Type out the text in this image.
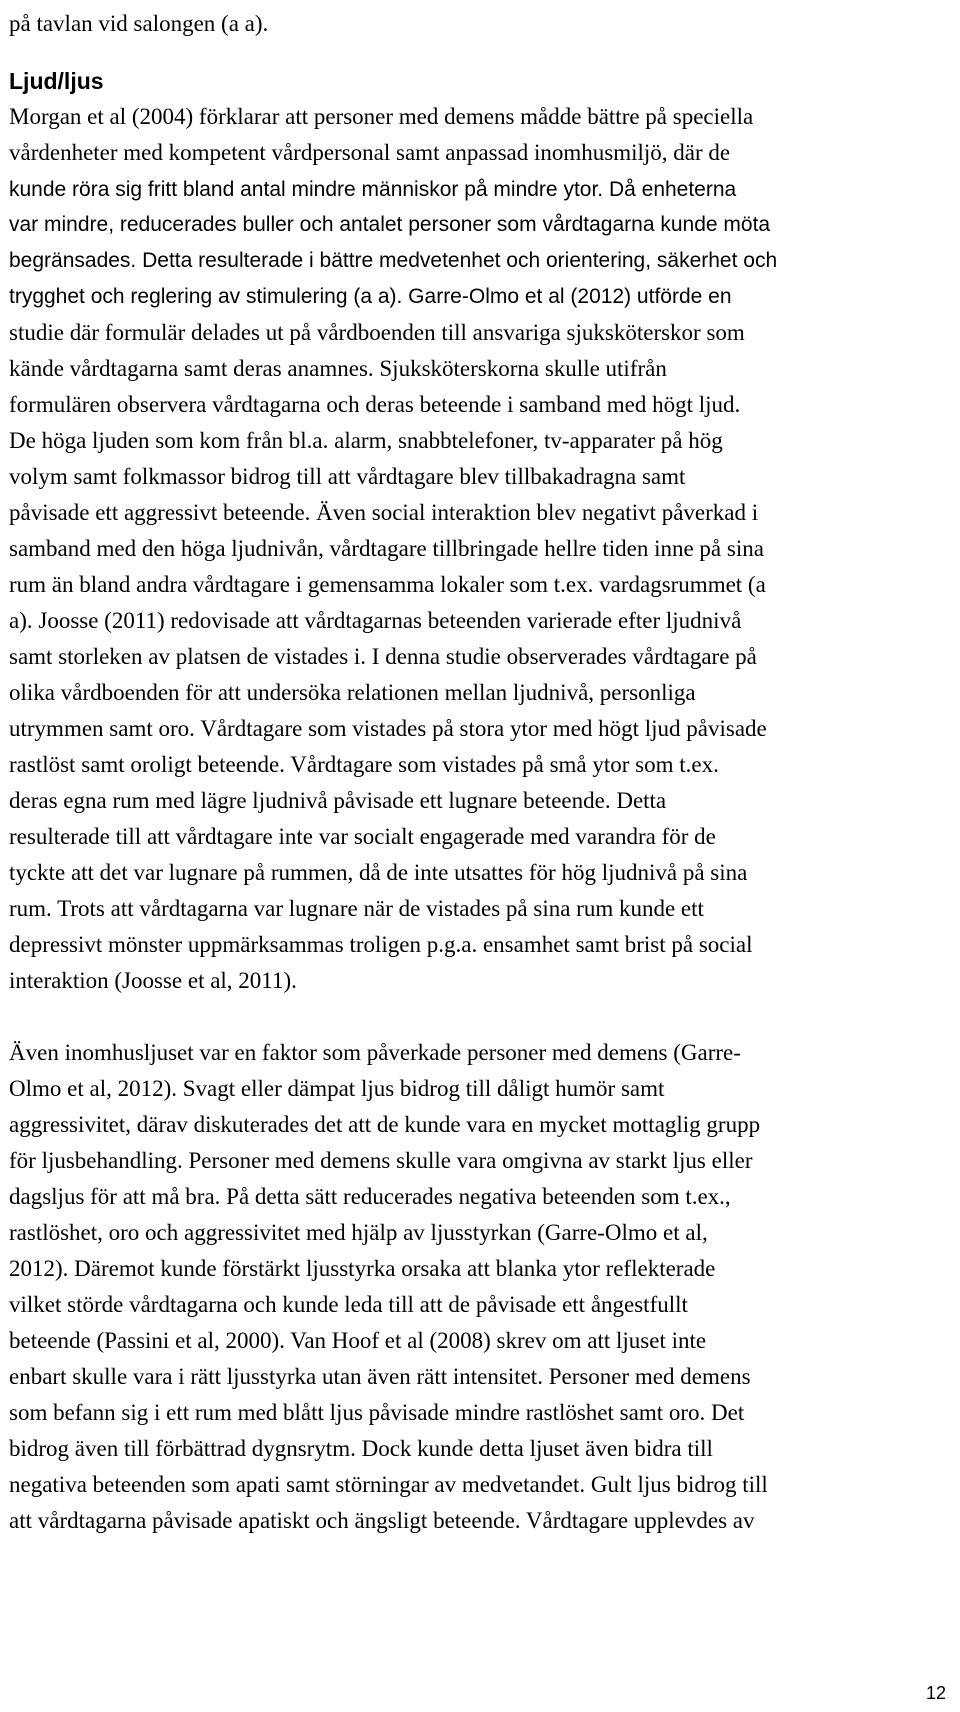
på tavlan vid salongen (a a).
Ljud/ljus
Morgan et al (2004) förklarar att personer med demens mådde bättre på speciella
vårdenheter med kompetent vårdpersonal samt anpassad inomhusmiljö, där de
kunde röra sig fritt bland antal mindre människor på mindre ytor. Då enheterna
var mindre, reducerades buller och antalet personer som vårdtagarna kunde möta
begränsades. Detta resulterade i bättre medvetenhet och orientering, säkerhet och
trygghet och reglering av stimulering (a a). Garre-Olmo et al (2012) utförde en
studie där formulär delades ut på vårdboenden till ansvariga sjuksköterskor som
kände vårdtagarna samt deras anamnes. Sjuksköterskorna skulle utifrån
formulären observera vårdtagarna och deras beteende i samband med högt ljud.
De höga ljuden som kom från bl.a. alarm, snabbtelefoner, tv-apparater på hög
volym samt folkmassor bidrog till att vårdtagare blev tillbakadragna samt
påvisade ett aggressivt beteende. Även social interaktion blev negativt påverkad i
samband med den höga ljudnivån, vårdtagare tillbringade hellre tiden inne på sina
rum än bland andra vårdtagare i gemensamma lokaler som t.ex. vardagsrummet (a
a). Joosse (2011) redovisade att vårdtagarnas beteenden varierade efter ljudnivå
samt storleken av platsen de vistades i. I denna studie observerades vårdtagare på
olika vårdboenden för att undersöka relationen mellan ljudnivå, personliga
utrymmen samt oro. Vårdtagare som vistades på stora ytor med högt ljud påvisade
rastlöst samt oroligt beteende. Vårdtagare som vistades på små ytor som t.ex.
deras egna rum med lägre ljudnivå påvisade ett lugnare beteende. Detta
resulterade till att vårdtagare inte var socialt engagerade med varandra för de
tyckte att det var lugnare på rummen, då de inte utsattes för hög ljudnivå på sina
rum. Trots att vårdtagarna var lugnare när de vistades på sina rum kunde ett
depressivt mönster uppmärksammas troligen p.g.a. ensamhet samt brist på social
interaktion (Joosse et al, 2011).
Även inomhusljuset var en faktor som påverkade personer med demens (Garre-
Olmo et al, 2012). Svagt eller dämpat ljus bidrog till dåligt humör samt
aggressivitet, därav diskuterades det att de kunde vara en mycket mottaglig grupp
för ljusbehandling. Personer med demens skulle vara omgivna av starkt ljus eller
dagsljus för att må bra. På detta sätt reducerades negativa beteenden som t.ex.,
rastlöshet, oro och aggressivitet med hjälp av ljusstyrkan (Garre-Olmo et al,
2012). Däremot kunde förstärkt ljusstyrka orsaka att blanka ytor reflekterade
vilket störde vårdtagarna och kunde leda till att de påvisade ett ångestfullt
beteende (Passini et al, 2000). Van Hoof et al (2008) skrev om att ljuset inte
enbart skulle vara i rätt ljusstyrka utan även rätt intensitet. Personer med demens
som befann sig i ett rum med blått ljus påvisade mindre rastlöshet samt oro. Det
bidrog även till förbättrad dygnsrytm. Dock kunde detta ljuset även bidra till
negativa beteenden som apati samt störningar av medvetandet. Gult ljus bidrog till
att vårdtagarna påvisade apatiskt och ängsligt beteende. Vårdtagare upplevdes av
12
